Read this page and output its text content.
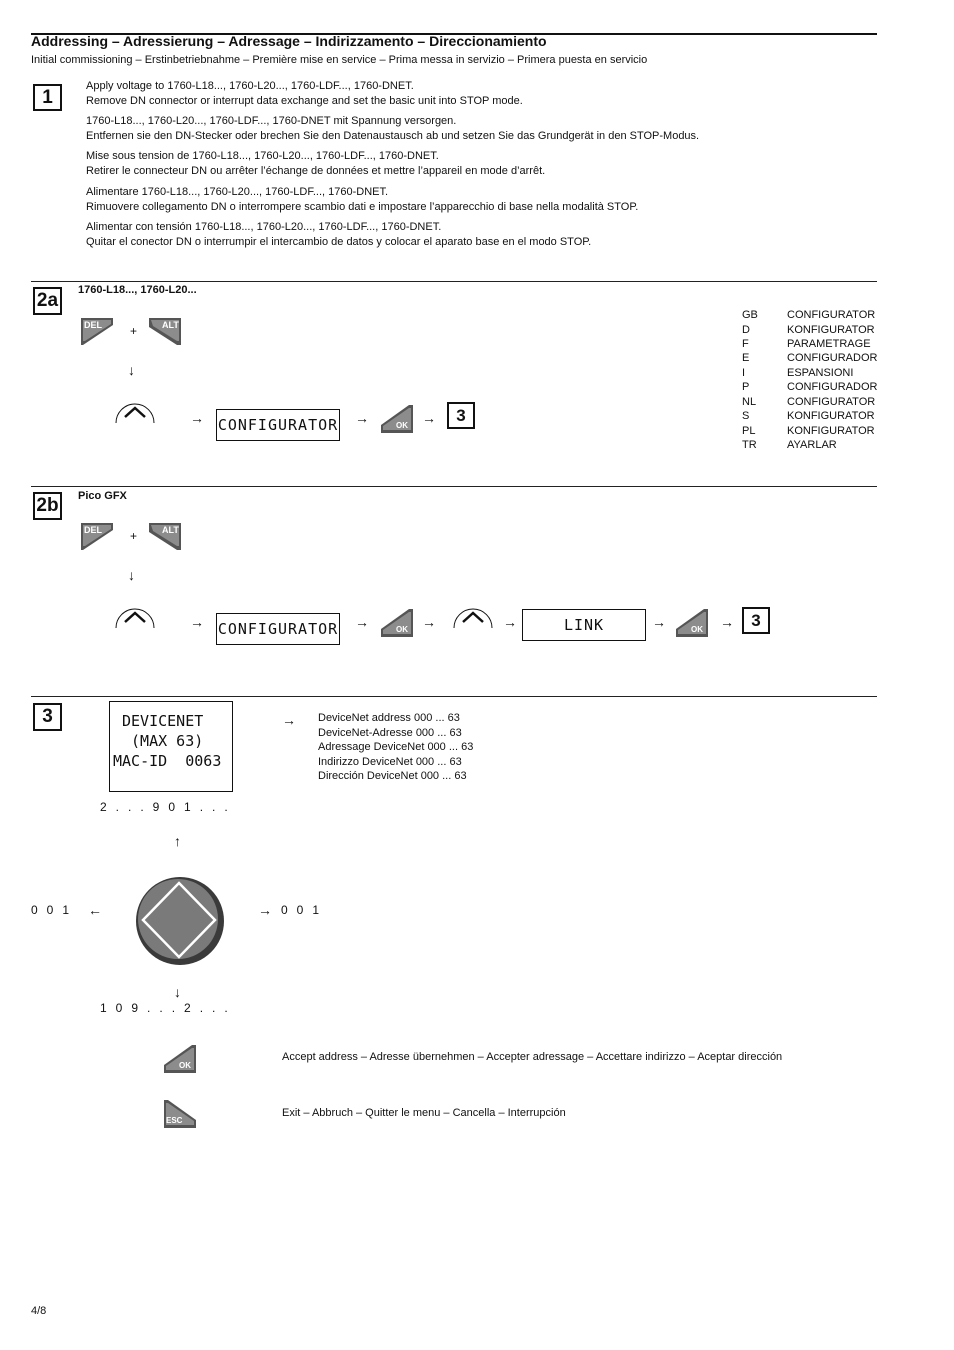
Addressing – Adressierung – Adressage – Indirizzamento – Direccionamiento
Initial commissioning – Erstinbetriebnahme – Première mise en service – Prima messa in servizio – Primera puesta en servicio
1
Apply voltage to 1760-L18..., 1760-L20..., 1760-LDF..., 1760-DNET.
Remove DN connector or interrupt data exchange and set the basic unit into STOP mode.
1760-L18..., 1760-L20..., 1760-LDF..., 1760-DNET mit Spannung versorgen.
Entfernen sie den DN-Stecker oder brechen Sie den Datenaustausch ab und setzen Sie das Grundgerät in den STOP-Modus.
Mise sous tension de 1760-L18..., 1760-L20..., 1760-LDF..., 1760-DNET.
Retirer le connecteur DN ou arrêter l’échange de données et mettre l’appareil en mode d’arrêt.
Alimentare 1760-L18..., 1760-L20..., 1760-LDF..., 1760-DNET.
Rimuovere collegamento DN o interrompere scambio dati e impostare l’apparecchio di base nella modalità STOP.
Alimentar con tensión 1760-L18..., 1760-L20..., 1760-LDF..., 1760-DNET.
Quitar el conector DN o interrumpir el intercambio de datos y colocar el aparato base en el modo STOP.
2a	1760-L18..., 1760-L20...
DEL +	ALT
↓
→ CONFIGURATOR →	OK →	3
GB	CONFIGURATOR
D	KONFIGURATOR
F	PARAMETRAGE
E	CONFIGURADOR
I	ESPANSIONI
P	CONFIGURADOR
NL	CONFIGURATOR
S	KONFIGURATOR
PL	KONFIGURATOR
TR	AYARLAR
2b	Pico GFX
DEL +	ALT
↓
→ CONFIGURATOR →	OK →	→	LINK	→	OK →	3
3	DEVICENET
(MAX 63)
MAC-ID  0063
→ DeviceNet address 000 ... 63
DeviceNet-Adresse 000 ... 63
Adressage DeviceNet 000 ... 63
Indirizzo DeviceNet 000 ... 63
Dirección DeviceNet 000 ... 63
2...901...
↑
001 ←	→ 001
↓
109...2...
OK
Accept address – Adresse übernehmen – Accepter adressage – Accettare indirizzo – Aceptar dirección
ESC
Exit – Abbruch – Quitter le menu – Cancella – Interrupción
4/8
